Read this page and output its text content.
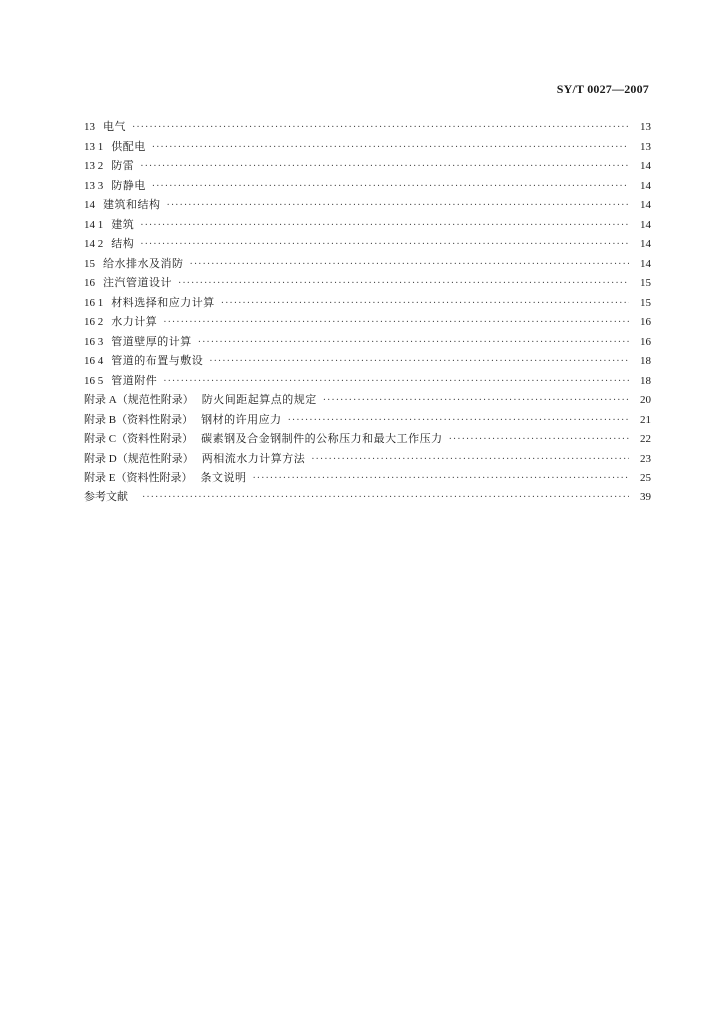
SY/T 0027—2007
13 电气 ·····	13
13 1 供配电 ·····	13
13 2 防雷 ·····	14
13 3 防静电 ·····	14
14 建筑和结构 ·····	14
14 1 建筑 ·····	14
14 2 结构 ·····	14
15 给水排水及消防 ·····	14
16 注汽管道设计 ·····	15
16 1 材料选择和应力计算 ·····	15
16 2 水力计算 ·····	16
16 3 管道壁厚的计算 ·····	16
16 4 管道的布置与敷设 ·····	18
16 5 管道附件 ·····	18
附录 A（规范性附录） 防火间距起算点的规定 ·····	20
附录 B（资料性附录） 钢材的许用应力 ·····	21
附录 C（资料性附录） 碳素钢及合金钢制件的公称压力和最大工作压力 ·····	22
附录 D（规范性附录） 两相流水力计算方法 ·····	23
附录 E（资料性附录） 条文说明 ·····	25
参考文献 ·····	39
